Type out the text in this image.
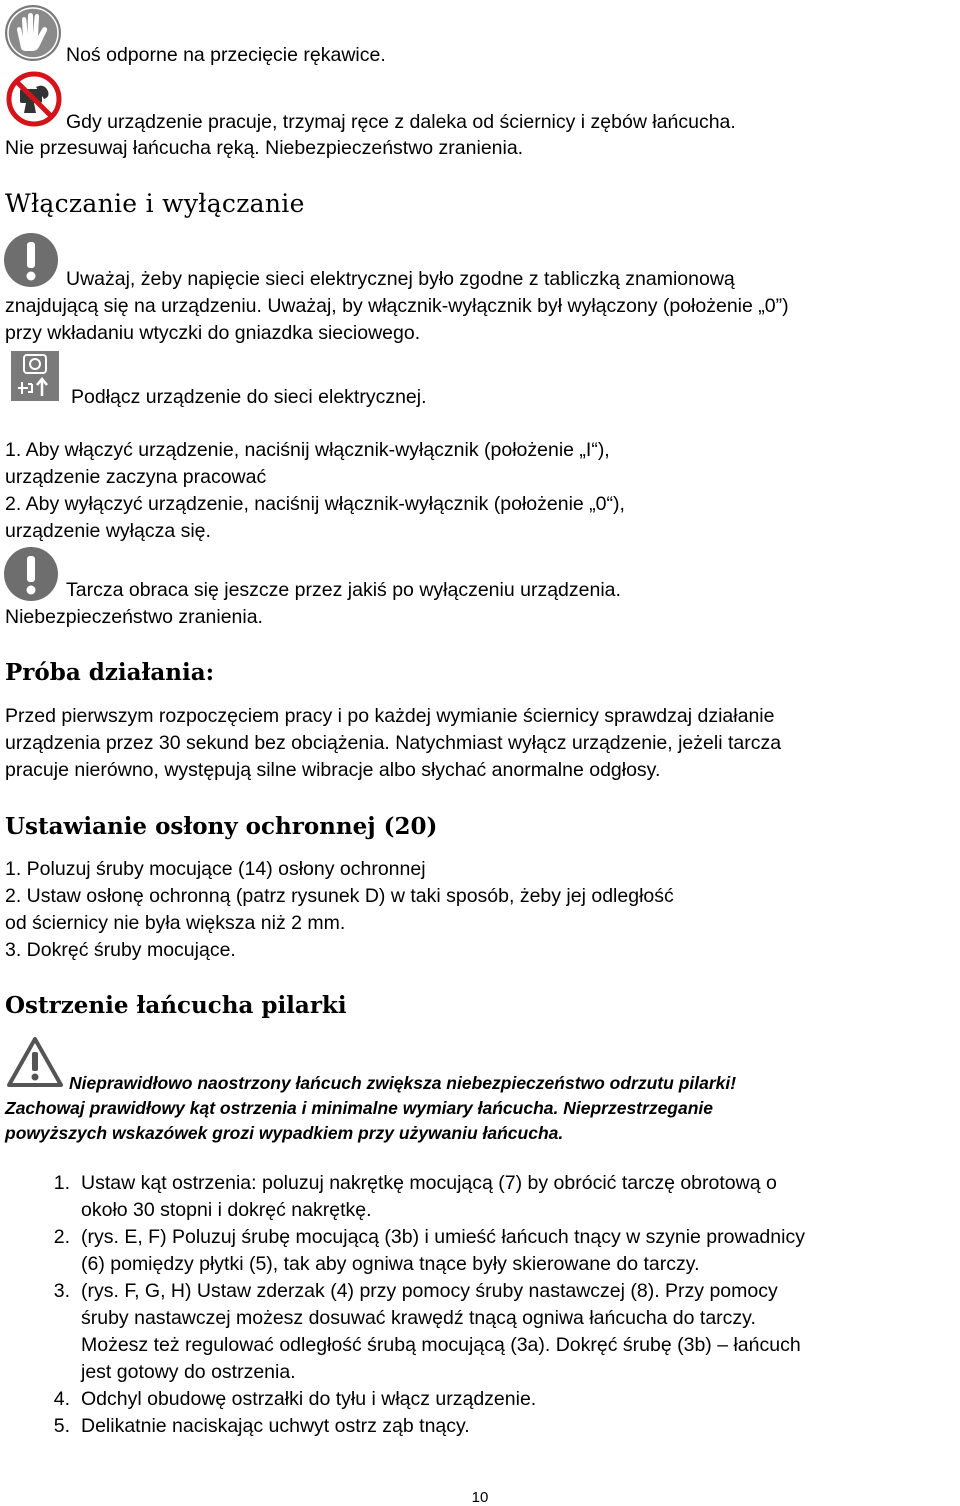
Noś odporne na przecięcie rękawice.
Gdy urządzenie pracuje, trzymaj ręce z daleka od ściernicy i zębów łańcucha.
Nie przesuwaj łańcucha ręką. Niebezpieczeństwo zranienia.
Włączanie i wyłączanie
Uważaj, żeby napięcie sieci elektrycznej było zgodne z tabliczką znamionową
znajdującą się na urządzeniu. Uważaj, by włącznik-wyłącznik był wyłączony (położenie „0”)
przy wkładaniu wtyczki do gniazdka sieciowego.
Podłącz urządzenie do sieci elektrycznej.
1. Aby włączyć urządzenie, naciśnij włącznik-wyłącznik (położenie „I“),
urządzenie zaczyna pracować
2. Aby wyłączyć urządzenie, naciśnij włącznik-wyłącznik (położenie „0“),
urządzenie wyłącza się.
Tarcza obraca się jeszcze przez jakiś po wyłączeniu urządzenia.
Niebezpieczeństwo zranienia.
Próba działania:
Przed pierwszym rozpoczęciem pracy i po każdej wymianie ściernicy sprawdzaj działanie
urządzenia przez 30 sekund bez obciążenia. Natychmiast wyłącz urządzenie, jeżeli tarcza
pracuje nierówno, występują silne wibracje albo słychać anormalne odgłosy.
Ustawianie osłony ochronnej (20)
1. Poluzuj śruby mocujące (14) osłony ochronnej
2. Ustaw osłonę ochronną (patrz rysunek D) w taki sposób, żeby jej odległość
od ściernicy nie była większa niż 2 mm.
3. Dokręć śruby mocujące.
Ostrzenie łańcucha pilarki
Nieprawidłowo naostrzony łańcuch zwiększa niebezpieczeństwo odrzutu pilarki!
Zachowaj prawidłowy kąt ostrzenia i minimalne wymiary łańcucha. Nieprzestrzeganie
powyższych wskazówek grozi wypadkiem przy używaniu łańcucha.
1. Ustaw kąt ostrzenia: poluzuj nakrętkę mocującą (7) by obrócić tarczę obrotową o
około 30 stopni i dokręć nakrętkę.
2. (rys. E, F) Poluzuj śrubę mocującą (3b) i umieść łańcuch tnący w szynie prowadnicy
(6) pomiędzy płytki (5), tak aby ogniwa tnące były skierowane do tarczy.
3. (rys. F, G, H) Ustaw zderzak (4) przy pomocy śruby nastawczej (8). Przy pomocy
śruby nastawczej możesz dosuwać krawędź tnącą ogniwa łańcucha do tarczy.
Możesz też regulować odległość śrubą mocującą (3a). Dokręć śrubę (3b) – łańcuch
jest gotowy do ostrzenia.
4. Odchyl obudowę ostrzałki do tyłu i włącz urządzenie.
5. Delikatnie naciskając uchwyt ostrz ząb tnący.
10
